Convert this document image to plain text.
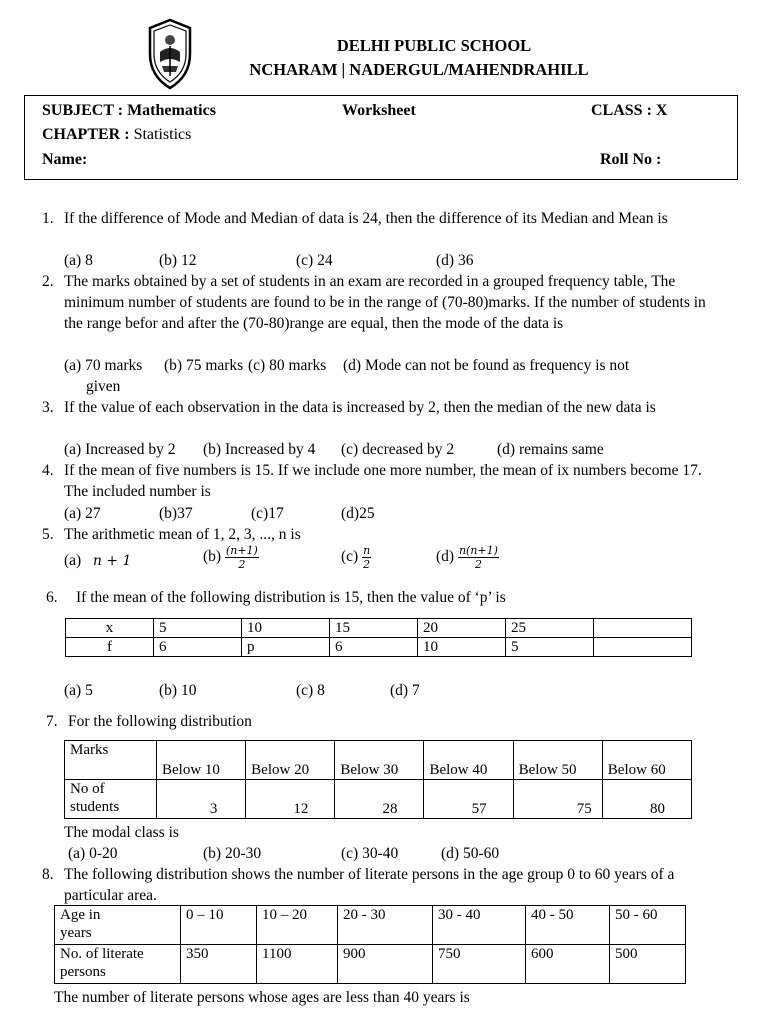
DELHI PUBLIC SCHOOL
NCHARAM | NADERGUL/MAHENDRAHILL
SUBJECT : Mathematics	Worksheet	CLASS : X
CHAPTER : Statistics
Name:	Roll No :
1. If the difference of Mode and Median of data is 24, then the difference of its Median and Mean is
(a) 8	(b) 12	(c) 24	(d) 36
2. The marks obtained by a set of students in an exam are recorded in a grouped frequency table, The minimum number of students are found to be in the range of (70-80)marks. If the number of students in the range befor and after the (70-80)range are equal, then the mode of the data is
(a) 70 marks (b) 75 marks (c) 80 marks (d) Mode can not be found as frequency is not
given
3. If the value of each observation in the data is increased by 2, then the median of the new data is
(a) Increased by 2 (b) Increased by 4 (c) decreased by 2	(d) remains same
4. If the mean of five numbers is 15. If we include one more number, the mean of ix numbers become 17. The included number is
(a) 27	(b)37	(c)17	(d)25
5. The arithmetic mean of 1, 2, 3, ..., n is
(a) n + 1	$(b) \frac{(n+1)}{2}$	$(c) \frac{n}{2}$	$(d) \frac{n(n+1)}{2}$
6. If the mean of the following distribution is 15, then the value of ‘p’ is
x	5	10	15	20	25	
f	6	p	6	10	5	
(a) 5	(b) 10	(c) 8	(d) 7
7. For the following distribution
Marks	Below 10	Below 20	Below 30	Below 40	Below 50	Below 60

No of
students	3	12	28	57	75	80
The modal class is
(a) 0-20	(b) 20-30	(c) 30-40	(d) 50-60
8. The following distribution shows the number of literate persons in the age group 0 to 60 years of a particular area.
Age in
years	0 – 10	10 – 20	20 - 30	30 - 40	40 - 50	50 - 60

No. of literate
persons	350	1100	900	750	600	500
The number of literate persons whose ages are less than 40 years is
